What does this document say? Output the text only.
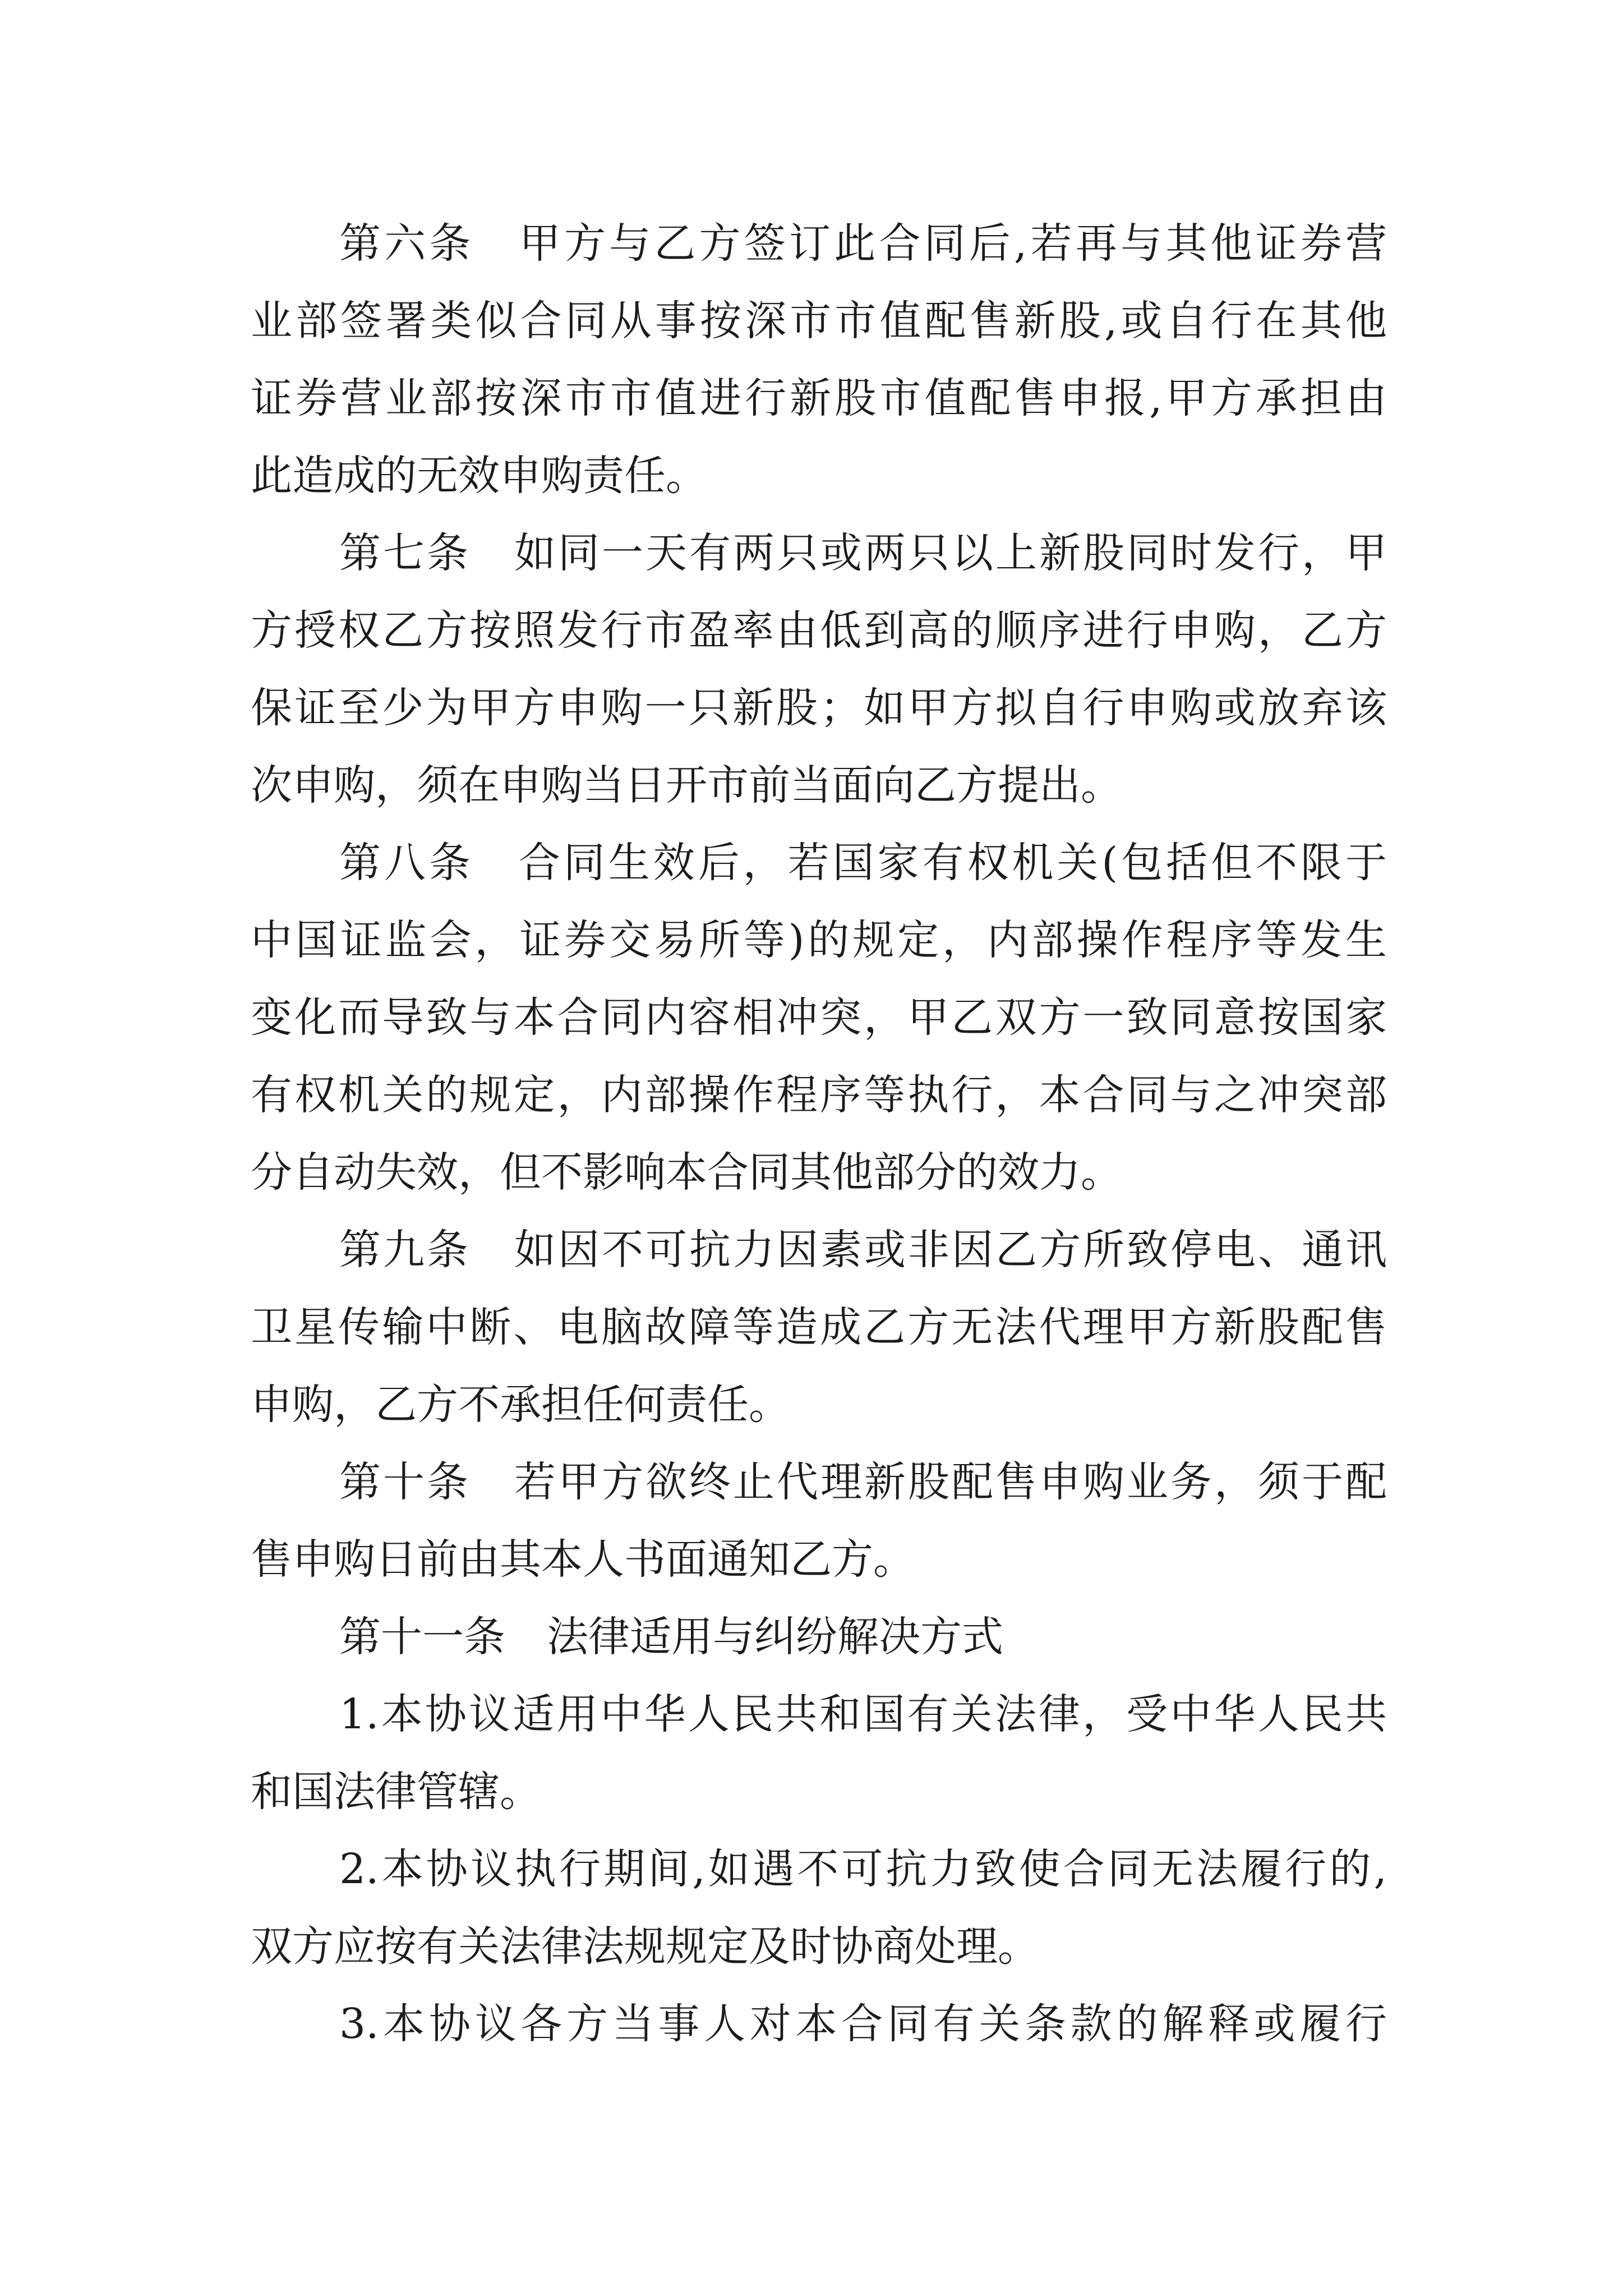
第六条　甲方与乙方签订此合同后,若再与其他证券营
业部签署类似合同从事按深市市值配售新股,或自行在其他
证券营业部按深市市值进行新股市值配售申报,甲方承担由
此造成的无效申购责任。
第七条　如同一天有两只或两只以上新股同时发行，甲
方授权乙方按照发行市盈率由低到高的顺序进行申购，乙方
保证至少为甲方申购一只新股；如甲方拟自行申购或放弃该
次申购，须在申购当日开市前当面向乙方提出。
第八条　合同生效后，若国家有权机关(包括但不限于
中国证监会，证券交易所等)的规定，内部操作程序等发生
变化而导致与本合同内容相冲突，甲乙双方一致同意按国家
有权机关的规定，内部操作程序等执行，本合同与之冲突部
分自动失效，但不影响本合同其他部分的效力。
第九条　如因不可抗力因素或非因乙方所致停电、通讯
卫星传输中断、电脑故障等造成乙方无法代理甲方新股配售
申购，乙方不承担任何责任。
第十条　若甲方欲终止代理新股配售申购业务，须于配
售申购日前由其本人书面通知乙方。
第十一条　法律适用与纠纷解决方式
1.本协议适用中华人民共和国有关法律，受中华人民共
和国法律管辖。
2.本协议执行期间,如遇不可抗力致使合同无法履行的,
双方应按有关法律法规规定及时协商处理。
3.本协议各方当事人对本合同有关条款的解释或履行
